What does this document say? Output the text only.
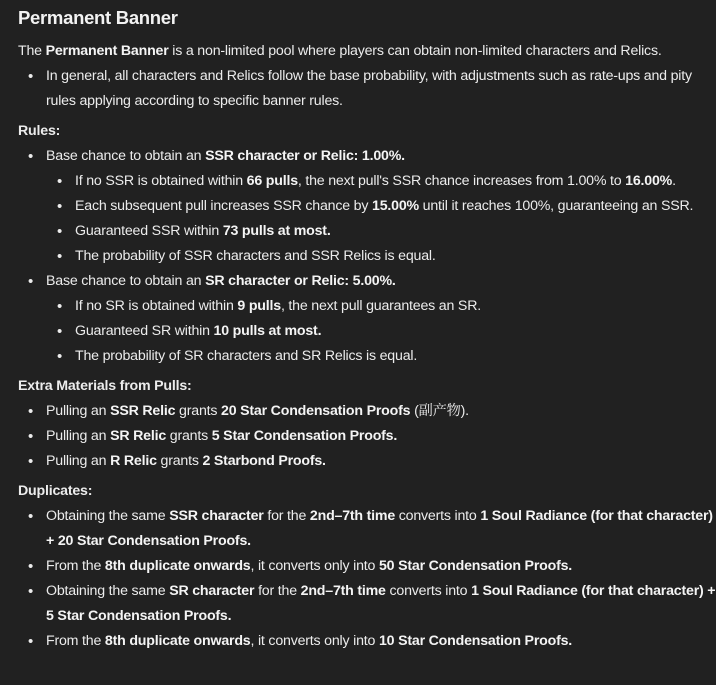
Permanent Banner

The Permanent Banner is a non-limited pool where players can obtain non-limited characters and Relics.

• In general, all characters and Relics follow the base probability, with adjustments such as rate-ups and pity rules applying according to specific banner rules.
Rules:
• Base chance to obtain an SSR character or Relic: 1.00%.
• If no SSR is obtained within 66 pulls, the next pull's SSR chance increases from 1.00% to 16.00%.
• Each subsequent pull increases SSR chance by 15.00% until it reaches 100%, guaranteeing an SSR.
• Guaranteed SSR within 73 pulls at most.
• The probability of SSR characters and SSR Relics is equal.
• Base chance to obtain an SR character or Relic: 5.00%.
• If no SR is obtained within 9 pulls, the next pull guarantees an SR.
• Guaranteed SR within 10 pulls at most.
• The probability of SR characters and SR Relics is equal.
Extra Materials from Pulls:
• Pulling an SSR Relic grants 20 Star Condensation Proofs (副产物).
• Pulling an SR Relic grants 5 Star Condensation Proofs.
• Pulling an R Relic grants 2 Starbond Proofs.
Duplicates:
• Obtaining the same SSR character for the 2nd–7th time converts into 1 Soul Radiance (for that character) + 20 Star Condensation Proofs.
• From the 8th duplicate onwards, it converts only into 50 Star Condensation Proofs.
• Obtaining the same SR character for the 2nd–7th time converts into 1 Soul Radiance (for that character) + 5 Star Condensation Proofs.
• From the 8th duplicate onwards, it converts only into 10 Star Condensation Proofs.
